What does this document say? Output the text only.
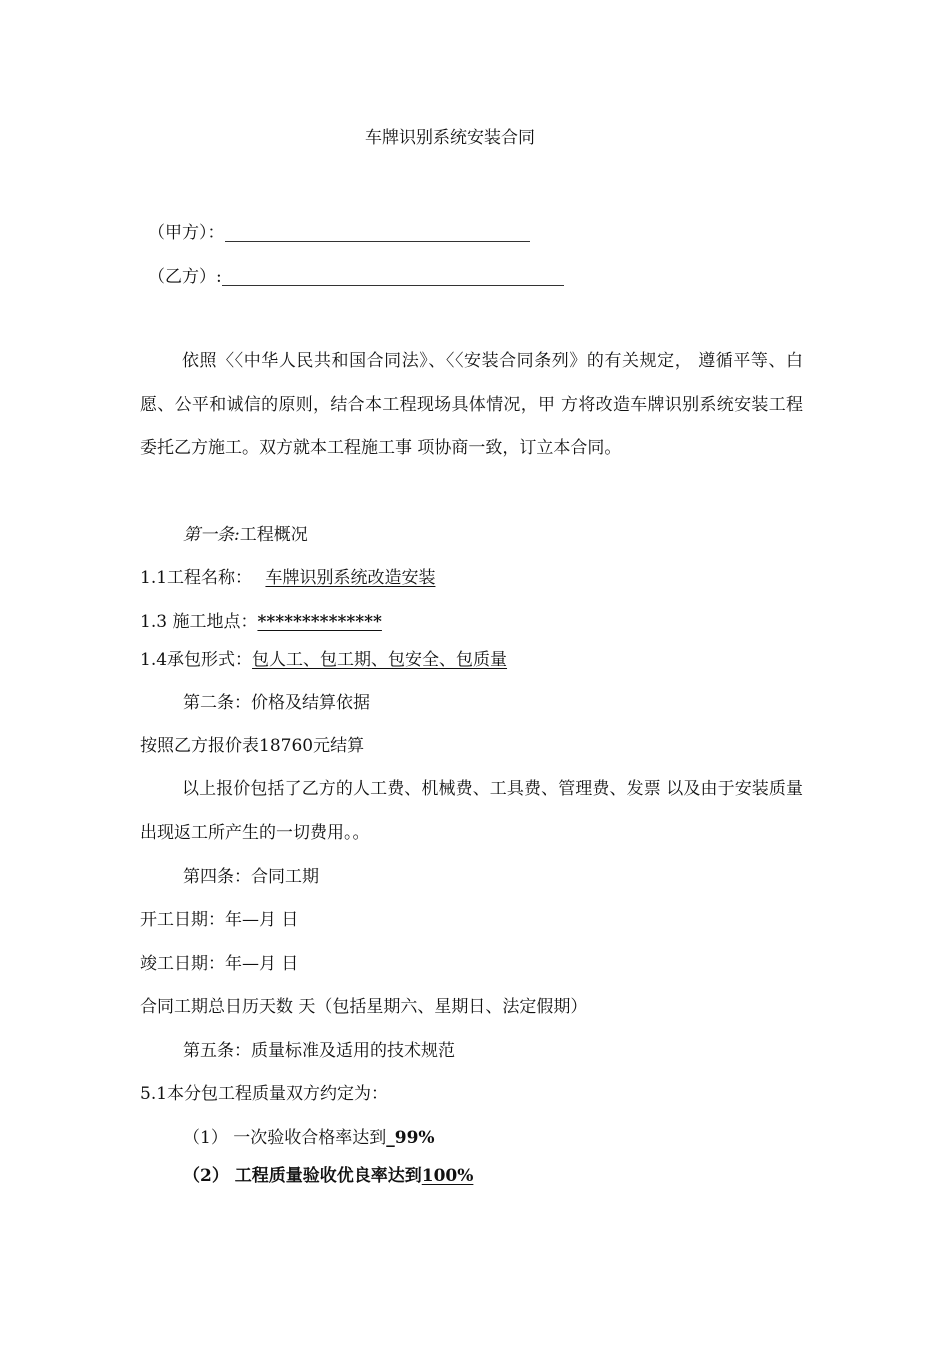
车牌识别系统安装合同
（甲方）：
（乙方）:
依照〈〈中华人民共和国合同法》、〈〈安装合同条列》的有关规定， 遵循平等、白愿、公平和诚信的原则，结合本工程现场具体情况，甲 方将改造车牌识别系统安装工程委托乙方施工。双方就本工程施工事 项协商一致，订立本合同。
第一条:工程概况
1.1工程名称： 车牌识别系统改造安装
1.3 施工地点：**************
1.4承包形式：包人工、包工期、包安全、包质量
第二条：价格及结算依据
按照乙方报价表18760元结算
以上报价包括了乙方的人工费、机械费、工具费、管理费、发票 以及由于安装质量出现返工所产生的一切费用。。
第四条：合同工期
开工日期：年—月 日
竣工日期：年—月 日
合同工期总日历天数 天（包括星期六、星期日、法定假期）
第五条：质量标准及适用的技术规范
5.1本分包工程质量双方约定为：
（1） 一次验收合格率达到_99%
（2） 工程质量验收优良率达到100%
